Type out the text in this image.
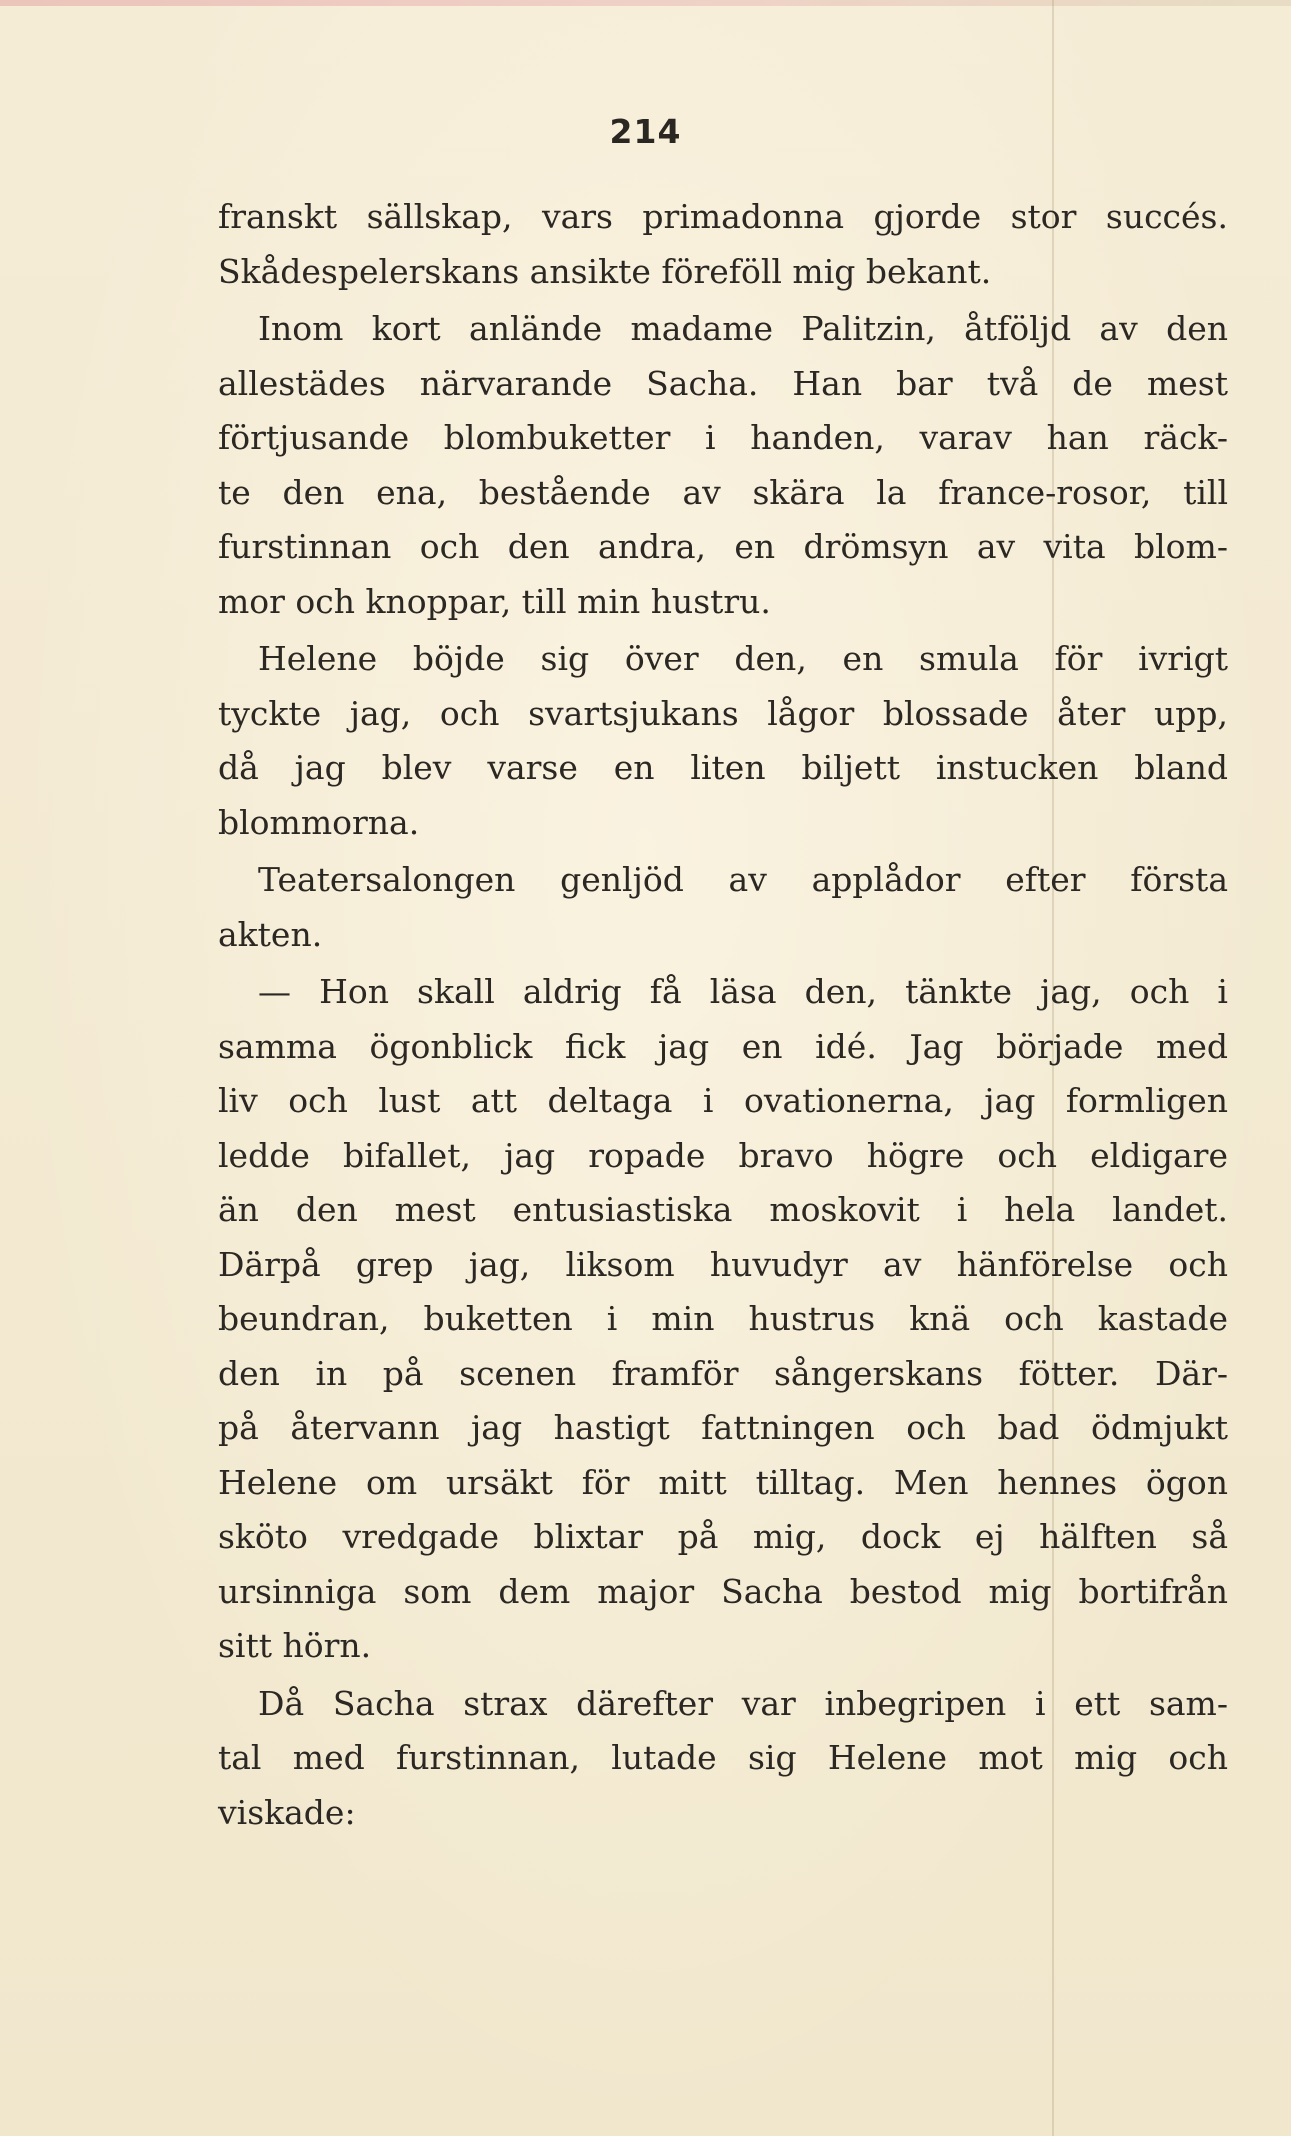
214
franskt sällskap, vars primadonna gjorde stor succés.
Skådespelerskans ansikte föreföll mig bekant.
Inom kort anlände madame Palitzin, åtföljd av den
allestädes närvarande Sacha. Han bar två de mest
förtjusande blombuketter i handen, varav han räck-
te den ena, bestående av skära la france-rosor, till
furstinnan och den andra, en drömsyn av vita blom-
mor och knoppar, till min hustru.
Helene böjde sig över den, en smula för ivrigt
tyckte jag, och svartsjukans lågor blossade åter upp,
då jag blev varse en liten biljett instucken bland
blommorna.
Teatersalongen genljöd av applådor efter första
akten.
— Hon skall aldrig få läsa den, tänkte jag, och i
samma ögonblick fick jag en idé. Jag började med
liv och lust att deltaga i ovationerna, jag formligen
ledde bifallet, jag ropade bravo högre och eldigare
än den mest entusiastiska moskovit i hela landet.
Därpå grep jag, liksom huvudyr av hänförelse och
beundran, buketten i min hustrus knä och kastade
den in på scenen framför sångerskans fötter. Där-
på återvann jag hastigt fattningen och bad ödmjukt
Helene om ursäkt för mitt tilltag. Men hennes ögon
sköto vredgade blixtar på mig, dock ej hälften så
ursinniga som dem major Sacha bestod mig bortifrån
sitt hörn.
Då Sacha strax därefter var inbegripen i ett sam-
tal med furstinnan, lutade sig Helene mot mig och
viskade:
